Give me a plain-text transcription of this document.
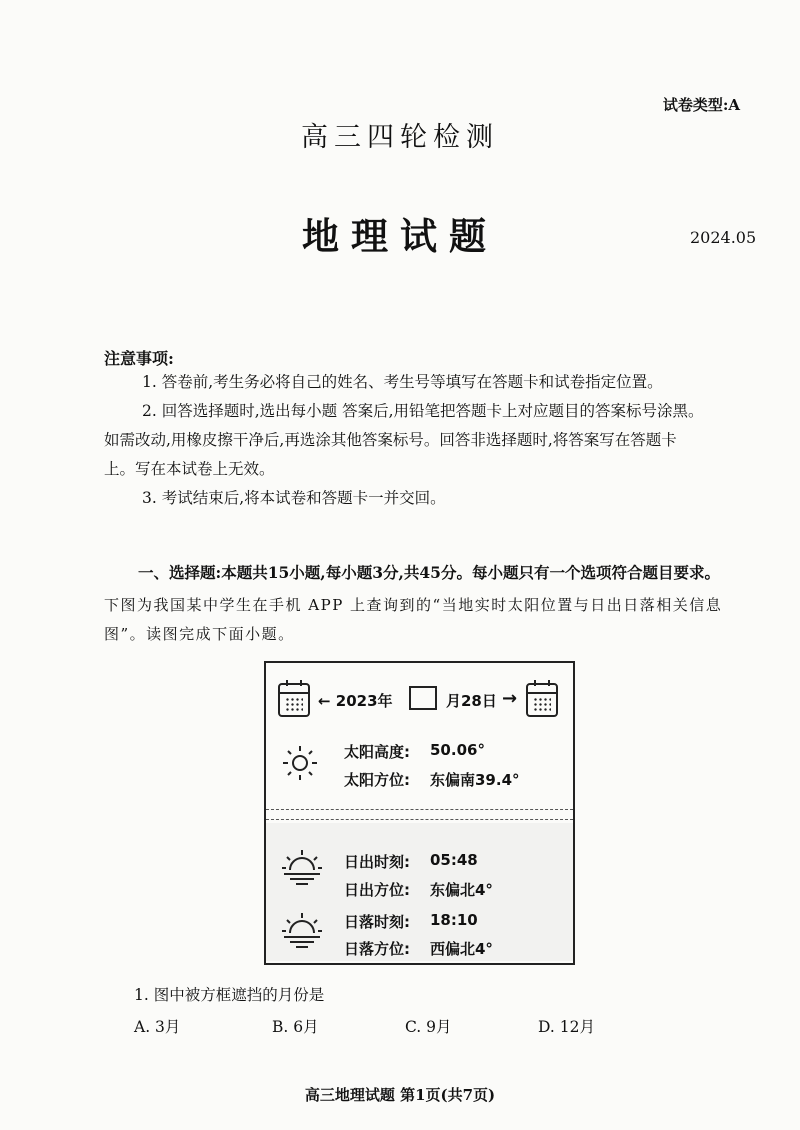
试卷类型:A
高三四轮检测
地理试题	2024.05
注意事项:
1. 答卷前,考生务必将自己的姓名、考生号等填写在答题卡和试卷指定位置。
2. 回答选择题时,选出每小题 答案后,用铅笔把答题卡上对应题目的答案标号涂黑。
如需改动,用橡皮擦干净后,再选涂其他答案标号。回答非选择题时,将答案写在答题卡
上。写在本试卷上无效。
3. 考试结束后,将本试卷和答题卡一并交回。
一、选择题:本题共15小题,每小题3分,共45分。每小题只有一个选项符合题目要求。
下图为我国某中学生在手机 APP 上查询到的“当地实时太阳位置与日出日落相关信息图”。读图完成下面小题。
← 2023年	月28日 →
太阳高度: 50.06°
太阳方位: 东偏南39.4°
日出时刻: 05:48
日出方位: 东偏北4°
日落时刻: 18:10
日落方位: 西偏北4°
1. 图中被方框遮挡的月份是
A. 3月	B. 6月	C. 9月	D. 12月
高三地理试题 第1页(共7页)
